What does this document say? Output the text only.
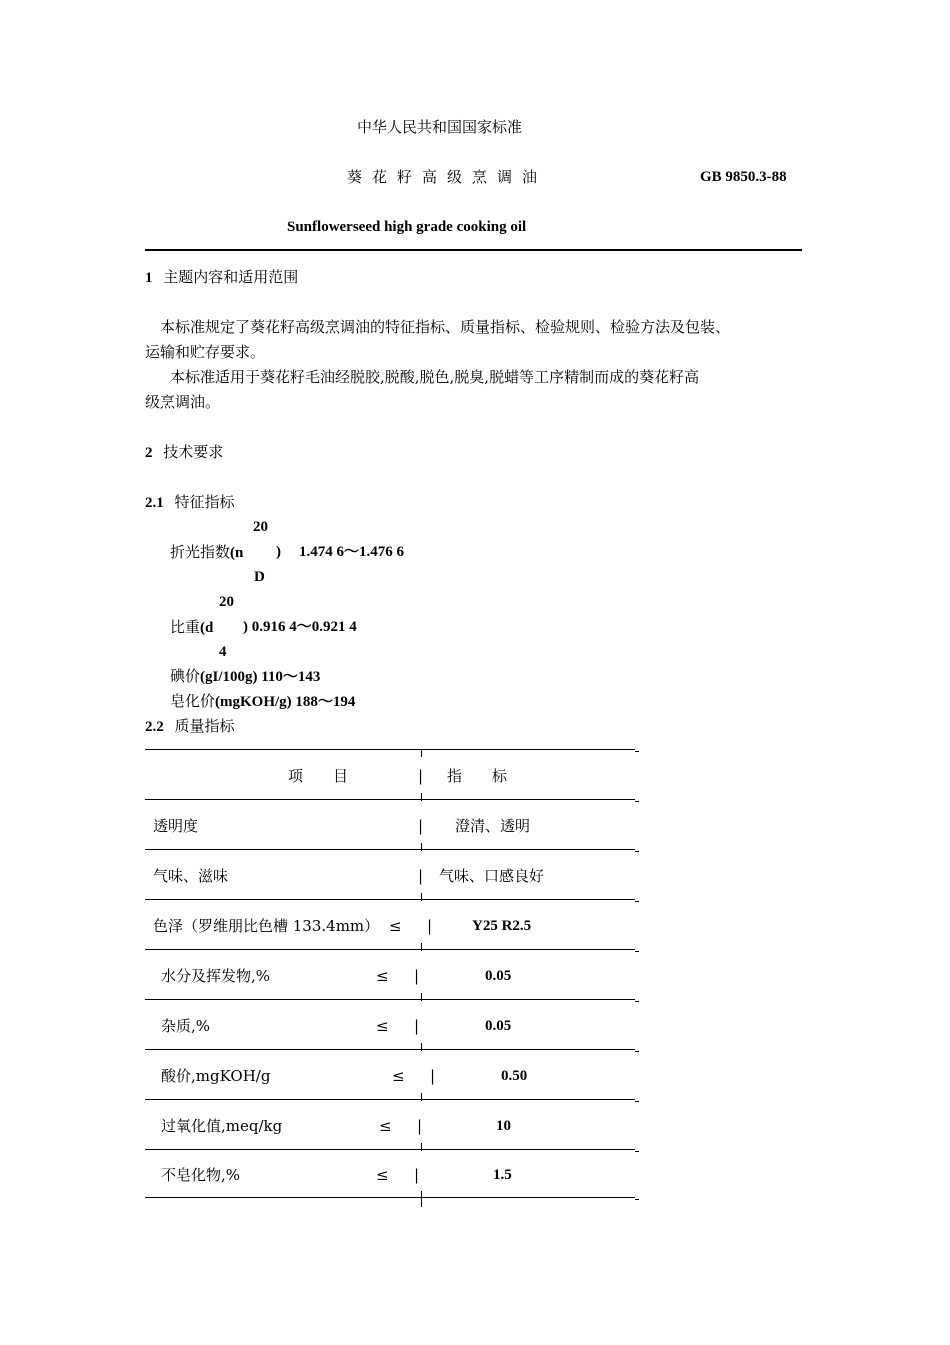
中华人民共和国国家标准
葵花籽高级烹调油	GB 9850.3-88
Sunflowerseed high grade cooking oil
1 主题内容和适用范围
本标准规定了葵花籽高级烹调油的特征指标、质量指标、检验规则、检验方法及包装、
运输和贮存要求。
本标准适用于葵花籽毛油经脱胶,脱酸,脱色,脱臭,脱蜡等工序精制而成的葵花籽高
级烹调油。
2 技术要求
2.1 特征指标
20
折光指数(n ) 1.474 6～1.476 6
D
20
比重(d ) 0.916 4～0.921 4
4
碘价(gI/100g) 110～143
皂化价(mgKOH/g) 188～194
2.2 质量指标
项　　目	| 指　　标
透明度	| 澄清、透明
气味、滋味	| 气味、口感良好
色泽（罗维朋比色槽 133.4mm） ≤ |	Y25 R2.5
水分及挥发物,%	≤ |	0.05
杂质,%	≤ |	0.05
酸价,mgKOH/g	≤ |	0.50
过氧化值,meq/kg	≤ |	10
不皂化物,%	≤ |	1.5
